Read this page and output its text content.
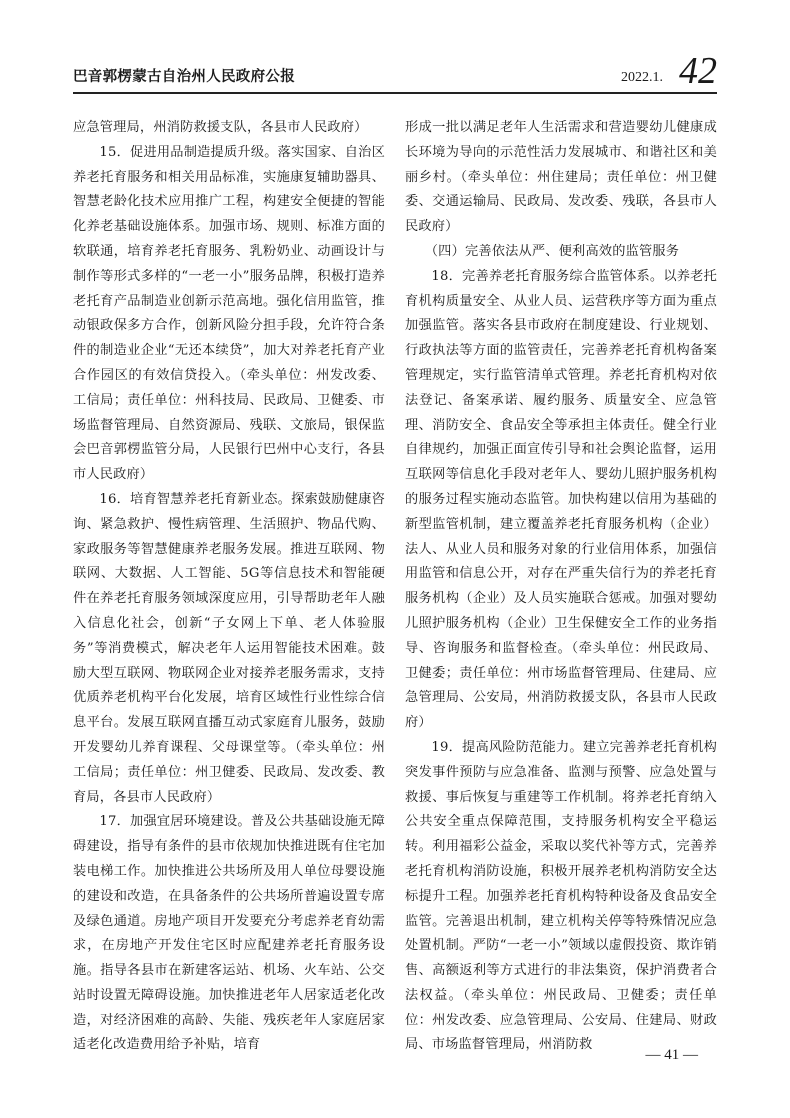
巴音郭楞蒙古自治州人民政府公报	2022.1. 42

应急管理局，州消防救援支队，各县市人民政府）

15．促进用品制造提质升级。落实国家、自治区养老托育服务和相关用品标准，实施康复辅助器具、智慧老龄化技术应用推广工程，构建安全便捷的智能化养老基础设施体系。加强市场、规则、标准方面的软联通，培育养老托育服务、乳粉奶业、动画设计与制作等形式多样的“一老一小”服务品牌，积极打造养老托育产品制造业创新示范高地。强化信用监管，推动银政保多方合作，创新风险分担手段，允许符合条件的制造业企业“无还本续贷”，加大对养老托育产业合作园区的有效信贷投入。（牵头单位：州发改委、工信局；责任单位：州科技局、民政局、卫健委、市场监督管理局、自然资源局、残联、文旅局，银保监会巴音郭楞监管分局，人民银行巴州中心支行，各县市人民政府）

16．培育智慧养老托育新业态。探索鼓励健康咨询、紧急救护、慢性病管理、生活照护、物品代购、家政服务等智慧健康养老服务发展。推进互联网、物联网、大数据、人工智能、5G等信息技术和智能硬件在养老托育服务领域深度应用，引导帮助老年人融入信息化社会，创新“子女网上下单、老人体验服务”等消费模式，解决老年人运用智能技术困难。鼓励大型互联网、物联网企业对接养老服务需求，支持优质养老机构平台化发展，培育区域性行业性综合信息平台。发展互联网直播互动式家庭育儿服务，鼓励开发婴幼儿养育课程、父母课堂等。（牵头单位：州工信局；责任单位：州卫健委、民政局、发改委、教育局，各县市人民政府）

17．加强宜居环境建设。普及公共基础设施无障碍建设，指导有条件的县市依规加快推进既有住宅加装电梯工作。加快推进公共场所及用人单位母婴设施的建设和改造，在具备条件的公共场所普遍设置专席及绿色通道。房地产项目开发要充分考虑养老育幼需求，在房地产开发住宅区时应配建养老托育服务设施。指导各县市在新建客运站、机场、火车站、公交站时设置无障碍设施。加快推进老年人居家适老化改造，对经济困难的高龄、失能、残疾老年人家庭居家适老化改造费用给予补贴，培育

形成一批以满足老年人生活需求和营造婴幼儿健康成长环境为导向的示范性活力发展城市、和谐社区和美丽乡村。（牵头单位：州住建局；责任单位：州卫健委、交通运输局、民政局、发改委、残联，各县市人民政府）

（四）完善依法从严、便利高效的监管服务

18．完善养老托育服务综合监管体系。以养老托育机构质量安全、从业人员、运营秩序等方面为重点加强监管。落实各县市政府在制度建设、行业规划、行政执法等方面的监管责任，完善养老托育机构备案管理规定，实行监管清单式管理。养老托育机构对依法登记、备案承诺、履约服务、质量安全、应急管理、消防安全、食品安全等承担主体责任。健全行业自律规约，加强正面宣传引导和社会舆论监督，运用互联网等信息化手段对老年人、婴幼儿照护服务机构的服务过程实施动态监管。加快构建以信用为基础的新型监管机制，建立覆盖养老托育服务机构（企业）法人、从业人员和服务对象的行业信用体系，加强信用监管和信息公开，对存在严重失信行为的养老托育服务机构（企业）及人员实施联合惩戒。加强对婴幼儿照护服务机构（企业）卫生保健安全工作的业务指导、咨询服务和监督检查。（牵头单位：州民政局、卫健委；责任单位：州市场监督管理局、住建局、应急管理局、公安局，州消防救援支队，各县市人民政府）

19．提高风险防范能力。建立完善养老托育机构突发事件预防与应急准备、监测与预警、应急处置与救援、事后恢复与重建等工作机制。将养老托育纳入公共安全重点保障范围，支持服务机构安全平稳运转。利用福彩公益金，采取以奖代补等方式，完善养老托育机构消防设施，积极开展养老机构消防安全达标提升工程。加强养老托育机构特种设备及食品安全监管。完善退出机制，建立机构关停等特殊情况应急处置机制。严防“一老一小”领域以虚假投资、欺诈销售、高额返利等方式进行的非法集资，保护消费者合法权益。（牵头单位：州民政局、卫健委；责任单位：州发改委、应急管理局、公安局、住建局、财政局、市场监督管理局，州消防救

— 41 —
